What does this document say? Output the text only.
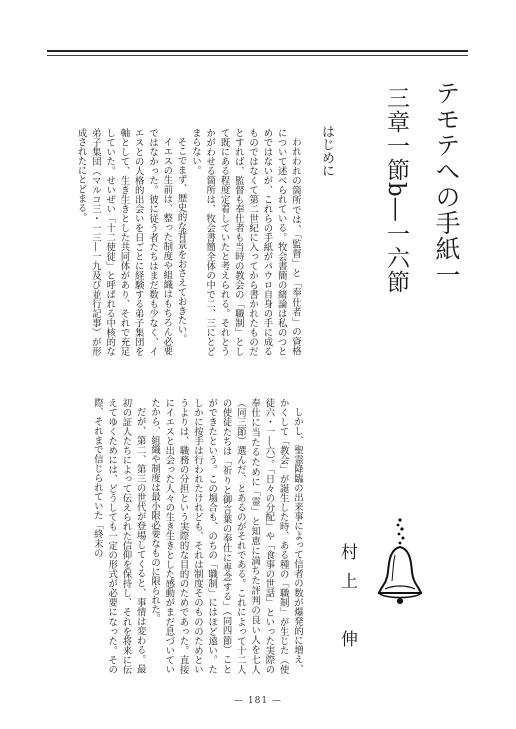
テモテへの手紙一
三章一節b―一六節
はじめに

われわれの箇所では、「監督」と「奉仕者」の資格について述べられている。牧会書簡の緒論は私のつとめではないが、これらの手紙がパウロ自身の手に成るものではなくて第二世紀に入ってから書かれたものだとすれば、監督も奉仕者も当時の教会の「職制」として既にある程度定着していたと考えられる。それとうかがわせる箇所は、牧会書簡全体の中で二、三にとどまらない。

そこでまず、歴史的な背景をおさえておきたい。

イエスの生前は、整った制度や組織はもちろん必要ではなかった。彼に従う者たちはまだ数も少なく、イエスとの人格的出会いを日ごとに経験する弟子集団を軸として、生き生きとした共同体があり、それで充足していた。せいぜい「十二使徒」と呼ばれる中核的な弟子集団（マルコ三・一三―一九及び並行記事）が形成されたにとどまる。

しかし、聖霊降臨の出来事によって信者の数が爆発的に増え、かくして「教会」が誕生した時、ある種の「職制」が生じた（使徒六・一―六）。「日々の分配」や「食事の世話」といった実際の奉仕に当たるために「霊」と知恵に満ちた評判の良い人を七人（同三節）選んだ、とあるのがそれである。これによって十二人の使徒たちは「祈りと御言葉の奉仕に専念する」（同四節）ことができたという。この場合も、のちの「職制」にはほど遠い。たしかに按手は行われたけれども、それは制度そのもののためというよりは、職務の分担という実際的な目的のためであった。直接にイエスと出会った人々の生き生きとした感動がまだ息づいていたから、組織や制度は最小限必要なものに限られた。

だが、第二、第三の世代が登場してくると、事情は変わる。最初の証人たちによって伝えられた信仰を保持し、それを将来に伝えてゆくためには、どうしても一定の形式が必要になった。その際、それまで信じられていた「終末の

村上　伸
— 181 —
